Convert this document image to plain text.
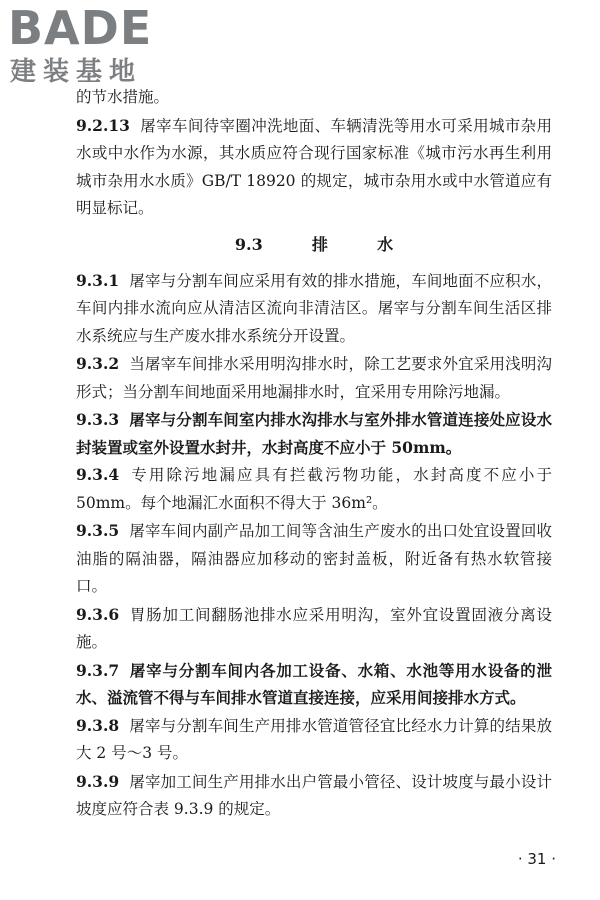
BADE
建装基地

的节水措施。

9.2.13 屠宰车间待宰圈冲洗地面、车辆清洗等用水可采用城市杂用水或中水作为水源，其水质应符合现行国家标准《城市污水再生利用　城市杂用水水质》GB/T 18920 的规定，城市杂用水或中水管道应有明显标记。

9.3	排	水

9.3.1 屠宰与分割车间应采用有效的排水措施，车间地面不应积水，车间内排水流向应从清洁区流向非清洁区。屠宰与分割车间生活区排水系统应与生产废水排水系统分开设置。

9.3.2 当屠宰车间排水采用明沟排水时，除工艺要求外宜采用浅明沟形式；当分割车间地面采用地漏排水时，宜采用专用除污地漏。

9.3.3 屠宰与分割车间室内排水沟排水与室外排水管道连接处应设水封装置或室外设置水封井，水封高度不应小于 50mm。

9.3.4 专用除污地漏应具有拦截污物功能，水封高度不应小于50mm。每个地漏汇水面积不得大于 36m²。

9.3.5 屠宰车间内副产品加工间等含油生产废水的出口处宜设置回收油脂的隔油器，隔油器应加移动的密封盖板，附近备有热水软管接口。

9.3.6 胃肠加工间翻肠池排水应采用明沟，室外宜设置固液分离设施。

9.3.7 屠宰与分割车间内各加工设备、水箱、水池等用水设备的泄水、溢流管不得与车间排水管道直接连接，应采用间接排水方式。

9.3.8 屠宰与分割车间生产用排水管道管径宜比经水力计算的结果放大 2 号～3 号。

9.3.9 屠宰加工间生产用排水出户管最小管径、设计坡度与最小设计坡度应符合表 9.3.9 的规定。

· 31 ·
